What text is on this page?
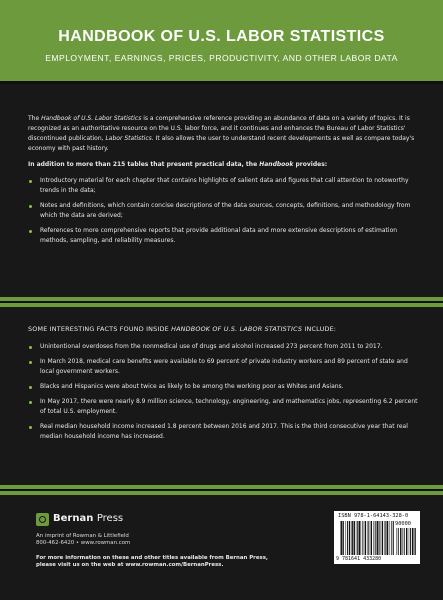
HANDBOOK OF U.S. LABOR STATISTICS
EMPLOYMENT, EARNINGS, PRICES, PRODUCTIVITY, AND OTHER LABOR DATA

The Handbook of U.S. Labor Statistics is a comprehensive reference providing an abundance of data on a variety of topics. It is recognized as an authoritative resource on the U.S. labor force, and it continues and enhances the Bureau of Labor Statistics' discontinued publication, Labor Statistics. It also allows the user to understand recent developments as well as compare today's economy with past history.

In addition to more than 215 tables that present practical data, the Handbook provides:

Introductory material for each chapter that contains highlights of salient data and figures that call attention to noteworthy trends in the data;
Notes and definitions, which contain concise descriptions of the data sources, concepts, definitions, and methodology from which the data are derived;
References to more comprehensive reports that provide additional data and more extensive descriptions of estimation methods, sampling, and reliability measures.
SOME INTERESTING FACTS FOUND INSIDE HANDBOOK OF U.S. LABOR STATISTICS INCLUDE:
Unintentional overdoses from the nonmedical use of drugs and alcohol increased 273 percent from 2011 to 2017.
In March 2018, medical care benefits were available to 69 percent of private industry workers and 89 percent of state and local government workers.
Blacks and Hispanics were about twice as likely to be among the working poor as Whites and Asians.
In May 2017, there were nearly 8.9 million science, technology, engineering, and mathematics jobs, representing 6.2 percent of total U.S. employment.
Real median household income increased 1.8 percent between 2016 and 2017. This is the third consecutive year that real median household income has increased.
Bernan Press
An imprint of Rowman & Littlefield
800-462-6420 • www.rowman.com
For more information on these and other titles available from Bernan Press,
please visit us on the web at www.rowman.com/BernanPress.
ISBN 978-1-64143-328-0
90000
9 781641 433280
